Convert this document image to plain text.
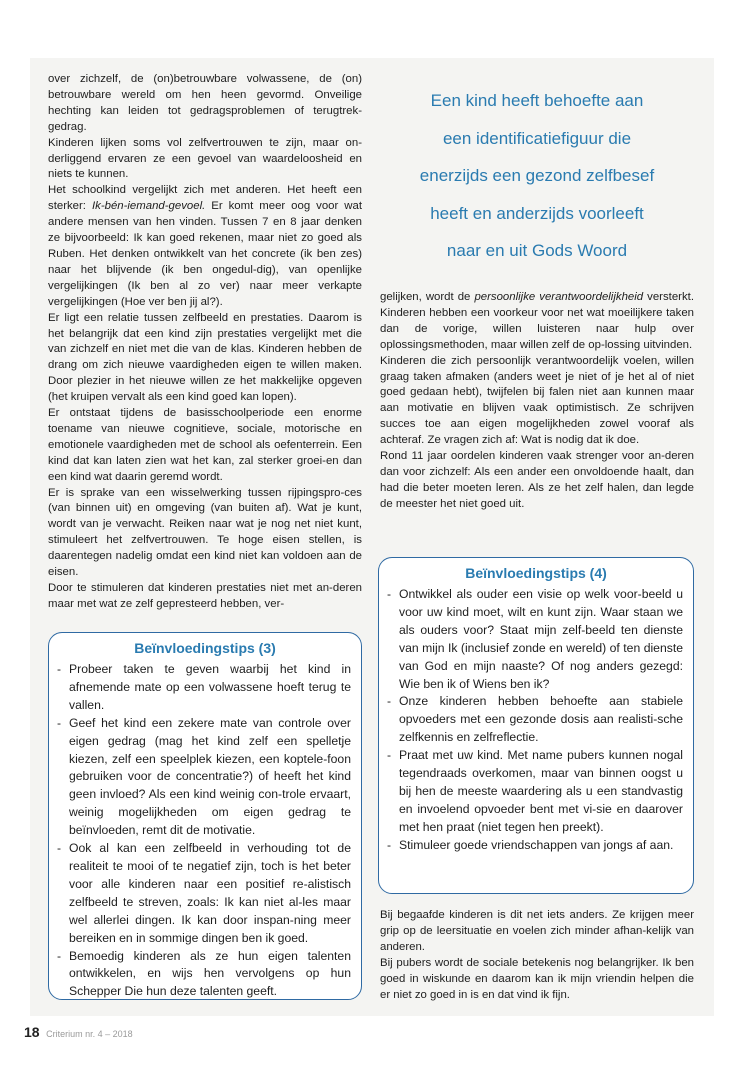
over zichzelf, de (on)betrouwbare volwassene, de (on) betrouwbare wereld om hen heen gevormd. Onveilige hechting kan leiden tot gedragsproblemen of terugtrek-gedrag.

Kinderen lijken soms vol zelfvertrouwen te zijn, maar on-derliggend ervaren ze een gevoel van waardeloosheid en niets te kunnen.

Het schoolkind vergelijkt zich met anderen. Het heeft een sterker: Ik-bén-iemand-gevoel. Er komt meer oog voor wat andere mensen van hen vinden. Tussen 7 en 8 jaar denken ze bijvoorbeeld: Ik kan goed rekenen, maar niet zo goed als Ruben. Het denken ontwikkelt van het concrete (ik ben zes) naar het blijvende (ik ben ongedul-dig), van openlijke vergelijkingen (Ik ben al zo ver) naar meer verkapte vergelijkingen (Hoe ver ben jij al?).

Er ligt een relatie tussen zelfbeeld en prestaties. Daarom is het belangrijk dat een kind zijn prestaties vergelijkt met die van zichzelf en niet met die van de klas. Kinderen hebben de drang om zich nieuwe vaardigheden eigen te willen maken. Door plezier in het nieuwe willen ze het makkelijke opgeven (het kruipen vervalt als een kind goed kan lopen).

Er ontstaat tijdens de basisschoolperiode een enorme toename van nieuwe cognitieve, sociale, motorische en emotionele vaardigheden met de school als oefenterrein. Een kind dat kan laten zien wat het kan, zal sterker groei-en dan een kind wat daarin geremd wordt.

Er is sprake van een wisselwerking tussen rijpingspro-ces (van binnen uit) en omgeving (van buiten af). Wat je kunt, wordt van je verwacht. Reiken naar wat je nog net niet kunt, stimuleert het zelfvertrouwen. Te hoge eisen stellen, is daarentegen nadelig omdat een kind niet kan voldoen aan de eisen.

Door te stimuleren dat kinderen prestaties niet met an-deren maar met wat ze zelf gepresteerd hebben, ver-

Een kind heeft behoefte aan
een identificatiefiguur die
enerzijds een gezond zelfbesef
heeft en anderzijds voorleeft
naar en uit Gods Woord

gelijken, wordt de persoonlijke verantwoordelijkheid versterkt. Kinderen hebben een voorkeur voor net wat moeilijkere taken dan de vorige, willen luisteren naar hulp over oplossingsmethoden, maar willen zelf de op-lossing uitvinden.

Kinderen die zich persoonlijk verantwoordelijk voelen, willen graag taken afmaken (anders weet je niet of je het al of niet goed gedaan hebt), twijfelen bij falen niet aan kunnen maar aan motivatie en blijven vaak optimistisch. Ze schrijven succes toe aan eigen mogelijkheden zowel vooraf als achteraf. Ze vragen zich af: Wat is nodig dat ik doe.

Rond 11 jaar oordelen kinderen vaak strenger voor an-deren dan voor zichzelf: Als een ander een onvoldoende haalt, dan had die beter moeten leren. Als ze het zelf halen, dan legde de meester het niet goed uit.

Beïnvloedingstips (3)
- Probeer taken te geven waarbij het kind in afnemende mate op een volwassene hoeft terug te vallen.
- Geef het kind een zekere mate van controle over eigen gedrag (mag het kind zelf een spelletje kiezen, zelf een speelplek kiezen, een koptele-foon gebruiken voor de concentratie?) of heeft het kind geen invloed? Als een kind weinig con-trole ervaart, weinig mogelijkheden om eigen gedrag te beïnvloeden, remt dit de motivatie.
- Ook al kan een zelfbeeld in verhouding tot de realiteit te mooi of te negatief zijn, toch is het beter voor alle kinderen naar een positief re-alistisch zelfbeeld te streven, zoals: Ik kan niet al-les maar wel allerlei dingen. Ik kan door inspan-ning meer bereiken en in sommige dingen ben ik goed.
- Bemoedig kinderen als ze hun eigen talenten ontwikkelen, en wijs hen vervolgens op hun Schepper Die hun deze talenten geeft.
Beïnvloedingstips (4)
- Ontwikkel als ouder een visie op welk voor-beeld u voor uw kind moet, wilt en kunt zijn. Waar staan we als ouders voor? Staat mijn zelf-beeld ten dienste van mijn Ik (inclusief zonde en wereld) of ten dienste van God en mijn naaste? Of nog anders gezegd: Wie ben ik of Wiens ben ik?
- Onze kinderen hebben behoefte aan stabiele opvoeders met een gezonde dosis aan realisti-sche zelfkennis en zelfreflectie.
- Praat met uw kind. Met name pubers kunnen nogal tegendraads overkomen, maar van binnen oogst u bij hen de meeste waardering als u een standvastig en invoelend opvoeder bent met vi-sie en daarover met hen praat (niet tegen hen preekt).
- Stimuleer goede vriendschappen van jongs af aan.

Bij begaafde kinderen is dit net iets anders. Ze krijgen meer grip op de leersituatie en voelen zich minder afhan-kelijk van anderen.

Bij pubers wordt de sociale betekenis nog belangrijker. Ik ben goed in wiskunde en daarom kan ik mijn vriendin helpen die er niet zo goed in is en dat vind ik fijn.

18 Criterium nr. 4 – 2018
